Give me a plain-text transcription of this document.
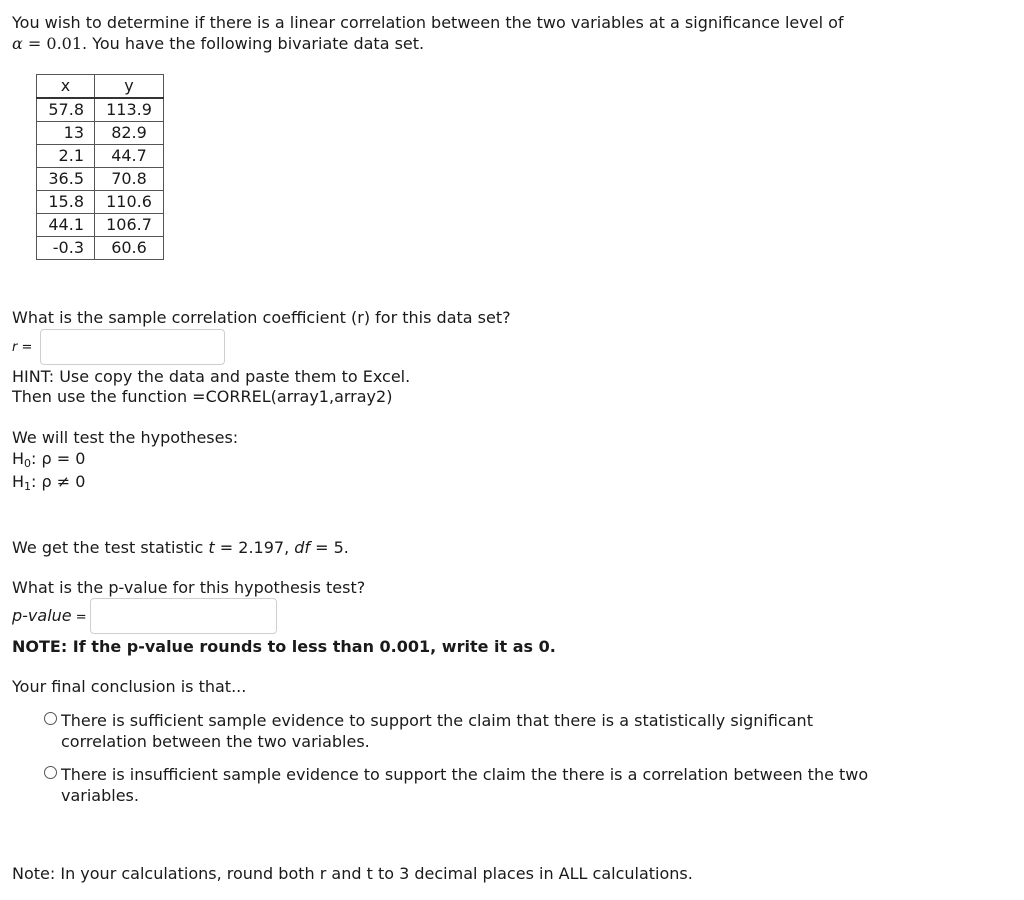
You wish to determine if there is a linear correlation between the two variables at a significance level of
α = 0.01. You have the following bivariate data set.
x	y
57.8	113.9
13	82.9
2.1	44.7
36.5	70.8
15.8	110.6
44.1	106.7
-0.3	60.6
What is the sample correlation coefficient (r) for this data set?
r =
HINT: Use copy the data and paste them to Excel.
Then use the function =CORREL(array1,array2)
We will test the hypotheses:
$H_0$: ρ = 0
$H_1$: ρ ≠ 0
We get the test statistic t = 2.197, df = 5.
What is the p-value for this hypothesis test?
p-value =
NOTE: If the p-value rounds to less than 0.001, write it as 0.
Your final conclusion is that...
There is sufficient sample evidence to support the claim that there is a statistically significant
correlation between the two variables.
There is insufficient sample evidence to support the claim the there is a correlation between the two
variables.
Note: In your calculations, round both r and t to 3 decimal places in ALL calculations.
